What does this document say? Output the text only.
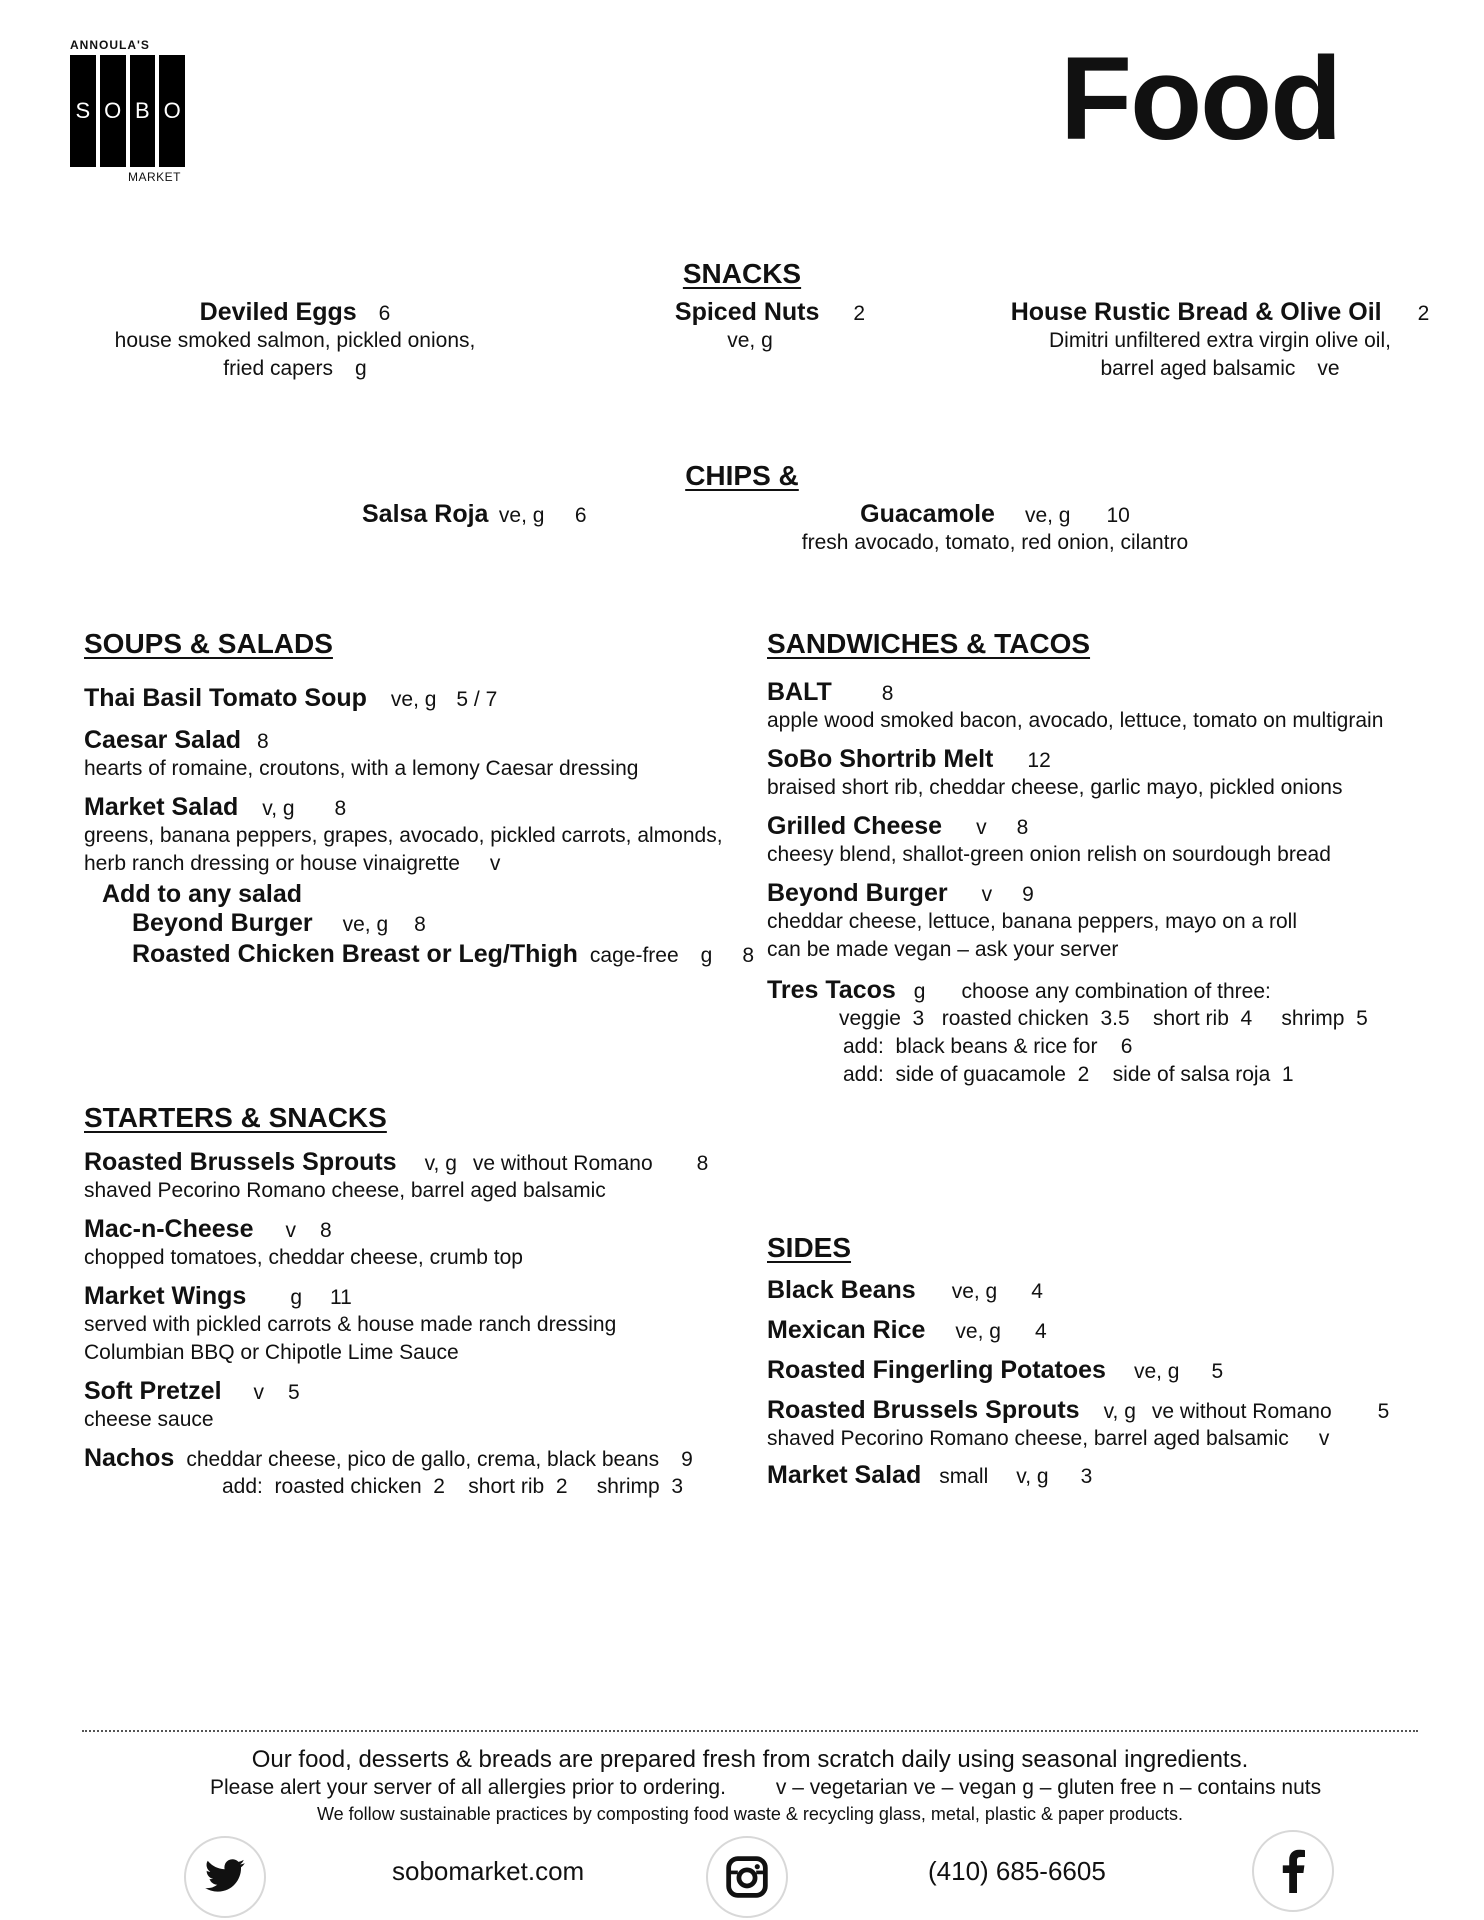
ANNOULA'S
S O B O
MARKET
Food
SNACKS
Deviled Eggs 6
house smoked salmon, pickled onions,
fried capers g
Spiced Nuts 2
ve, g
House Rustic Bread & Olive Oil 2
Dimitri unfiltered extra virgin olive oil,
barrel aged balsamic ve
CHIPS &
Salsa Roja ve, g 6	Guacamole ve, g 10
fresh avocado, tomato, red onion, cilantro
SOUPS & SALADS
Thai Basil Tomato Soup ve, g 5 / 7
Caesar Salad 8
hearts of romaine, croutons, with a lemony Caesar dressing
Market Salad v, g 8
greens, banana peppers, grapes, avocado, pickled carrots, almonds,
herb ranch dressing or house vinaigrette v
Add to any salad
Beyond Burger ve, g 8
Roasted Chicken Breast or Leg/Thigh cage-free g 8
SANDWICHES & TACOS
BALT 8
apple wood smoked bacon, avocado, lettuce, tomato on multigrain
SoBo Shortrib Melt 12
braised short rib, cheddar cheese, garlic mayo, pickled onions
Grilled Cheese v 8
cheesy blend, shallot-green onion relish on sourdough bread
Beyond Burger v 9
cheddar cheese, lettuce, banana peppers, mayo on a roll
can be made vegan – ask your server
Tres Tacos g choose any combination of three:
veggie  3   roasted chicken  3.5    short rib  4     shrimp  5
add:  black beans & rice for    6
add:  side of guacamole  2    side of salsa roja  1
STARTERS & SNACKS
Roasted Brussels Sprouts v, g ve without Romano 8
shaved Pecorino Romano cheese, barrel aged balsamic
Mac-n-Cheese v 8
chopped tomatoes, cheddar cheese, crumb top
Market Wings g 11
served with pickled carrots & house made ranch dressing
Columbian BBQ or Chipotle Lime Sauce
Soft Pretzel v 5
cheese sauce
Nachos cheddar cheese, pico de gallo, crema, black beans 9
add:  roasted chicken  2    short rib  2     shrimp  3
SIDES
Black Beans ve, g 4
Mexican Rice ve, g 4
Roasted Fingerling Potatoes ve, g 5
Roasted Brussels Sprouts v, g ve without Romano 5
shaved Pecorino Romano cheese, barrel aged balsamic v
Market Salad small v, g 3
Our food, desserts & breads are prepared fresh from scratch daily using seasonal ingredients.
Please alert your server of all allergies prior to ordering. v – vegetarian ve – vegan g – gluten free n – contains nuts
We follow sustainable practices by composting food waste & recycling glass, metal, plastic & paper products.
sobomarket.com	(410) 685-6605
